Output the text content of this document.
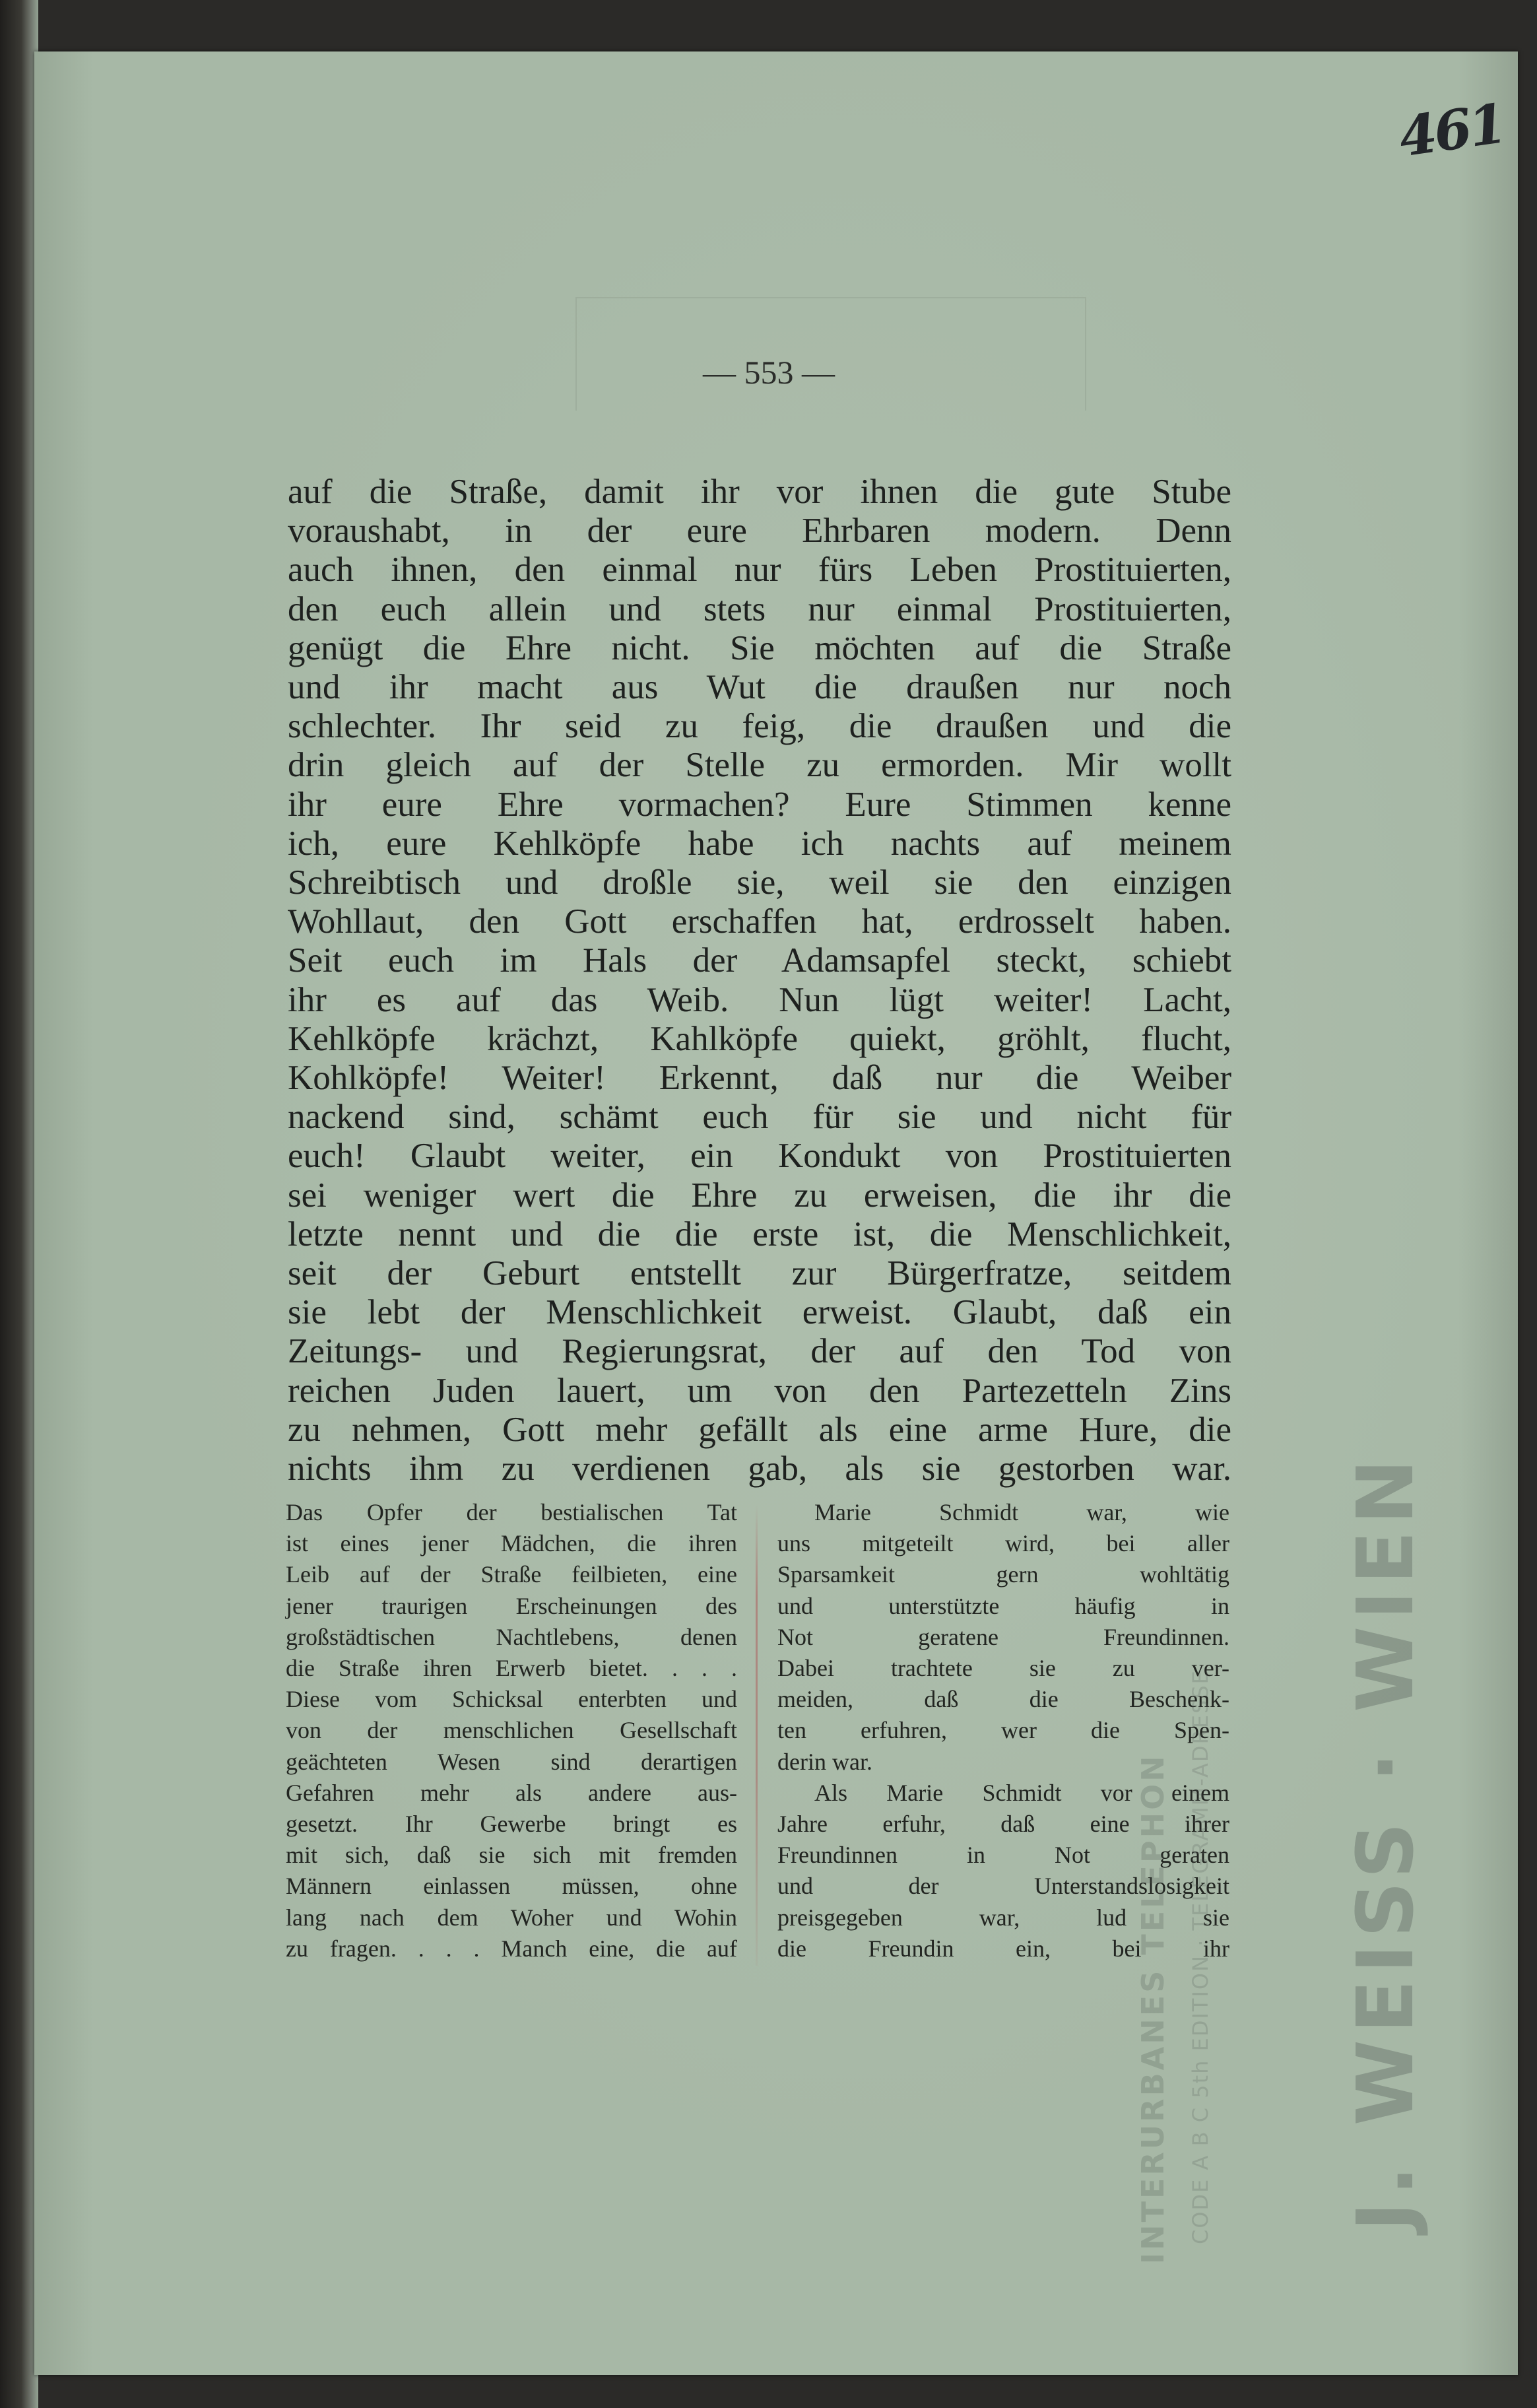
461
— 553 —
auf die Straße, damit ihr vor ihnen die gute Stube
voraushabt, in der eure Ehrbaren modern. Denn
auch ihnen, den einmal nur fürs Leben Prostituierten,
den euch allein und stets nur einmal Prostituierten,
genügt die Ehre nicht. Sie möchten auf die Straße
und ihr macht aus Wut die draußen nur noch
schlechter. Ihr seid zu feig, die draußen und die
drin gleich auf der Stelle zu ermorden. Mir wollt
ihr eure Ehre vormachen? Eure Stimmen kenne
ich, eure Kehlköpfe habe ich nachts auf meinem
Schreibtisch und droßle sie, weil sie den einzigen
Wohllaut, den Gott erschaffen hat, erdrosselt haben.
Seit euch im Hals der Adamsapfel steckt, schiebt
ihr es auf das Weib. Nun lügt weiter! Lacht,
Kehlköpfe krächzt, Kahlköpfe quiekt, gröhlt, flucht,
Kohlköpfe! Weiter! Erkennt, daß nur die Weiber
nackend sind, schämt euch für sie und nicht für
euch! Glaubt weiter, ein Kondukt von Prostituierten
sei weniger wert die Ehre zu erweisen, die ihr die
letzte nennt und die die erste ist, die Menschlichkeit,
seit der Geburt entstellt zur Bürgerfratze, seitdem
sie lebt der Menschlichkeit erweist. Glaubt, daß ein
Zeitungs- und Regierungsrat, der auf den Tod von
reichen Juden lauert, um von den Partezetteln Zins
zu nehmen, Gott mehr gefällt als eine arme Hure, die
nichts ihm zu verdienen gab, als sie gestorben war.
Das Opfer der bestialischen Tat
ist eines jener Mädchen, die ihren
Leib auf der Straße feilbieten, eine
jener traurigen Erscheinungen des
großstädtischen Nachtlebens, denen
die Straße ihren Erwerb bietet. . . .
Diese vom Schicksal enterbten und
von der menschlichen Gesellschaft
geächteten Wesen sind derartigen
Gefahren mehr als andere aus-
gesetzt. Ihr Gewerbe bringt es
mit sich, daß sie sich mit fremden
Männern einlassen müssen, ohne
lang nach dem Woher und Wohin
zu fragen. . . . Manch eine, die auf
Marie Schmidt war, wie
uns mitgeteilt wird, bei aller
Sparsamkeit gern wohltätig
und unterstützte häufig in
Not geratene Freundinnen.
Dabei trachtete sie zu ver-
meiden, daß die Beschenk-
ten erfuhren, wer die Spen-
derin war.
Als Marie Schmidt vor einem
Jahre erfuhr, daß eine ihrer
Freundinnen in Not geraten
und der Unterstandslosigkeit
preisgegeben war, lud sie
die Freundin ein, bei ihr J. WEISS · WIEN
INTERURBANES TELEPHON CODE A B C 5th EDITION · TELEGRAMM-ADRESSE
